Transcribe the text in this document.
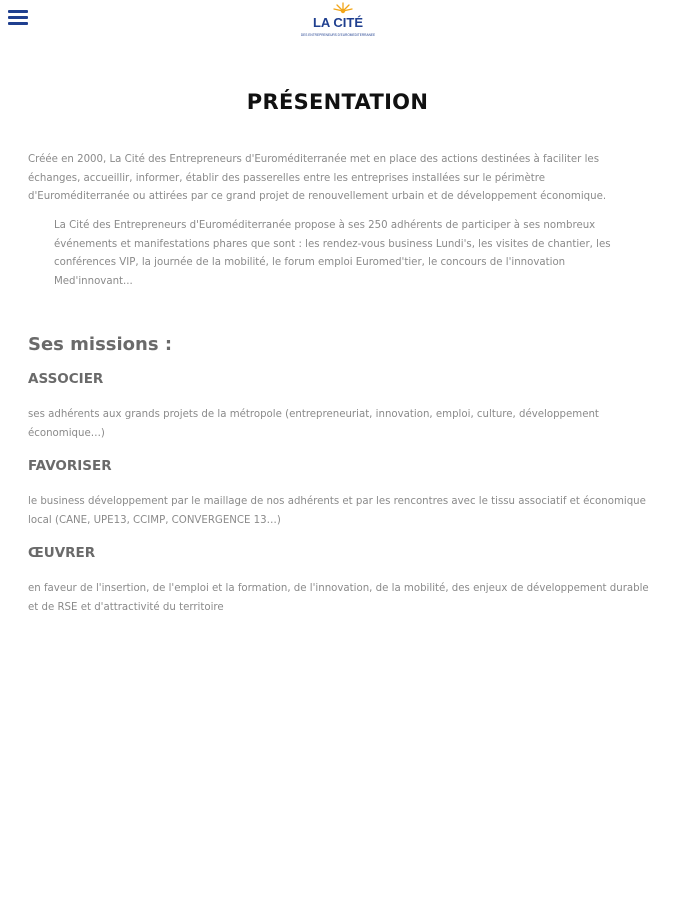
LA CITÉ
DES ENTREPRENEURS D'EUROMEDITERRANEE
PRÉSENTATION

Créée en 2000, La Cité des Entrepreneurs d'Euroméditerranée met en place des actions destinées à faciliter les échanges, accueillir, informer, établir des passerelles entre les entreprises installées sur le périmètre d'Euroméditerranée ou attirées par ce grand projet de renouvellement urbain et de développement économique.

La Cité des Entrepreneurs d'Euroméditerranée propose à ses 250 adhérents de participer à ses nombreux événements et manifestations phares que sont : les rendez-vous business Lundi's, les visites de chantier, les conférences VIP, la journée de la mobilité, le forum emploi Euromed'tier, le concours de l'innovation Med'innovant...

Ses missions :
ASSOCIER

ses adhérents aux grands projets de la métropole (entrepreneuriat, innovation, emploi, culture, développement économique…)

FAVORISER

le business développement par le maillage de nos adhérents et par les rencontres avec le tissu associatif et économique local (CANE, UPE13, CCIMP, CONVERGENCE 13…)

ŒUVRER

en faveur de l'insertion, de l'emploi et la formation, de l'innovation, de la mobilité, des enjeux de développement durable et de RSE et d'attractivité du territoire
